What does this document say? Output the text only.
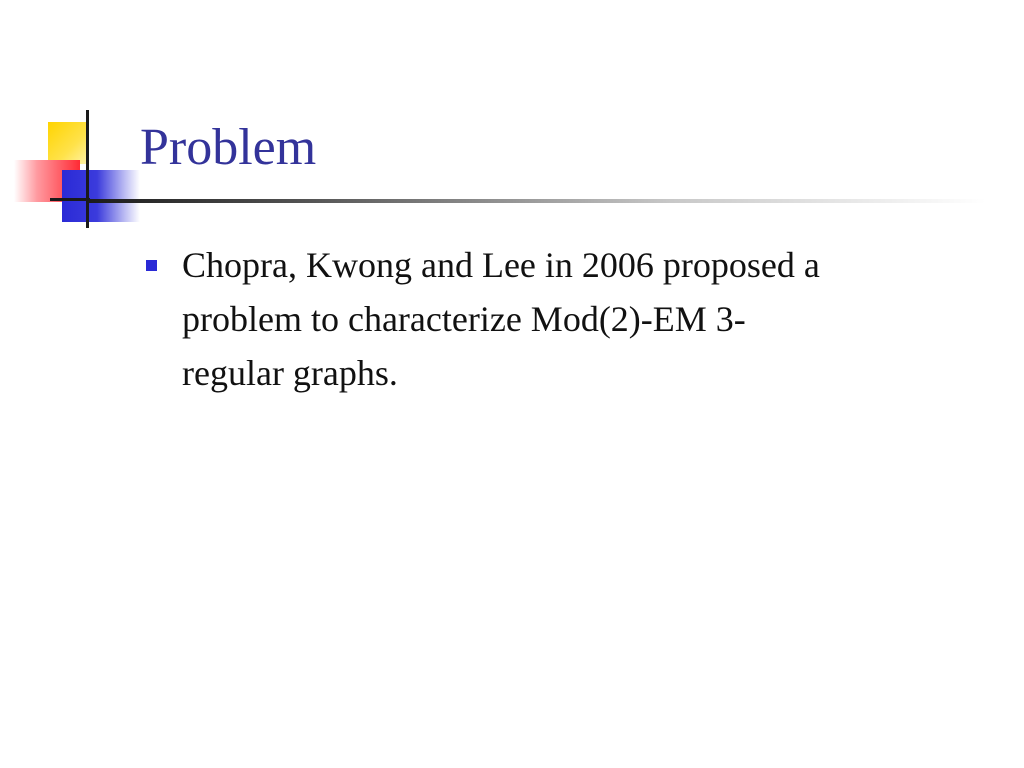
Problem
Chopra, Kwong and Lee in 2006 proposed a problem to characterize Mod(2)-EM 3-regular graphs.
